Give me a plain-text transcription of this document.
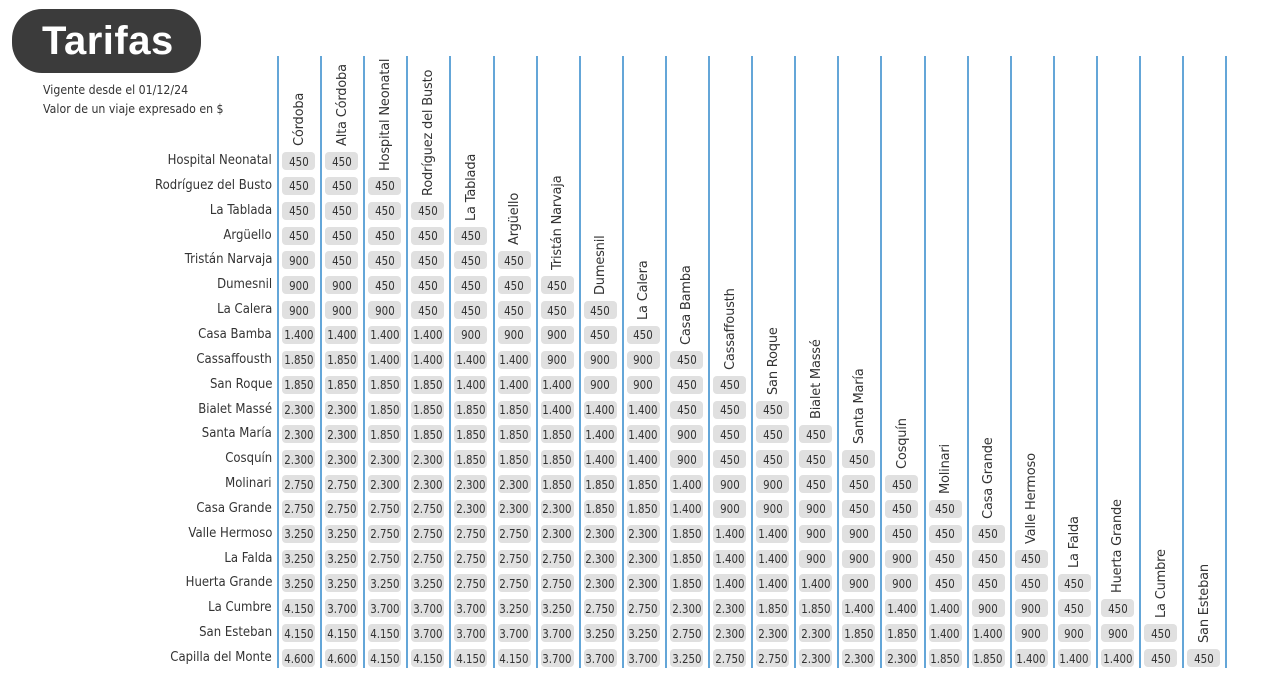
Tarifas
Vigente desde el 01/12/24
Valor de un viaje expresado en $	Córdoba Alta Córdoba Hospital Neonatal Rodríguez del Busto La Tablada Argüello Tristán Narvaja Dumesnil La Calera Casa Bamba Cassaffousth San Roque Bialet Massé Santa María Cosquín Molinari Casa Grande Valle Hermoso La Falda Huerta Grande La Cumbre San Esteban
Hospital Neonatal 450 450
Rodríguez del Busto 450 450 450
La Tablada 450 450 450 450
Argüello 450 450 450 450 450
Tristán Narvaja 900 450 450 450 450 450
Dumesnil 900 900 450 450 450 450 450
La Calera 900 900 900 450 450 450 450 450
Casa Bamba 1.400 1.400 1.400 1.400 900 900 900 450 450
Cassaffousth 1.850 1.850 1.400 1.400 1.400 1.400 900 900 900 450
San Roque 1.850 1.850 1.850 1.850 1.400 1.400 1.400 900 900 450 450
Bialet Massé 2.300 2.300 1.850 1.850 1.850 1.850 1.400 1.400 1.400 450 450 450
Santa María 2.300 2.300 1.850 1.850 1.850 1.850 1.850 1.400 1.400 900 450 450 450
Cosquín 2.300 2.300 2.300 2.300 1.850 1.850 1.850 1.400 1.400 900 450 450 450 450
Molinari 2.750 2.750 2.300 2.300 2.300 2.300 1.850 1.850 1.850 1.400 900 900 450 450 450
Casa Grande 2.750 2.750 2.750 2.750 2.300 2.300 2.300 1.850 1.850 1.400 900 900 900 450 450 450
Valle Hermoso 3.250 3.250 2.750 2.750 2.750 2.750 2.300 2.300 2.300 1.850 1.400 1.400 900 900 450 450 450
La Falda 3.250 3.250 2.750 2.750 2.750 2.750 2.750 2.300 2.300 1.850 1.400 1.400 900 900 900 450 450 450
Huerta Grande 3.250 3.250 3.250 3.250 2.750 2.750 2.750 2.300 2.300 1.850 1.400 1.400 1.400 900 900 450 450 450 450
La Cumbre 4.150 3.700 3.700 3.700 3.700 3.250 3.250 2.750 2.750 2.300 2.300 1.850 1.850 1.400 1.400 1.400 900 900 450 450
San Esteban 4.150 4.150 4.150 3.700 3.700 3.700 3.700 3.250 3.250 2.750 2.300 2.300 2.300 1.850 1.850 1.400 1.400 900 900 900 450
Capilla del Monte 4.600 4.600 4.150 4.150 4.150 4.150 3.700 3.700 3.700 3.250 2.750 2.750 2.300 2.300 2.300 1.850 1.850 1.400 1.400 1.400 450 450
